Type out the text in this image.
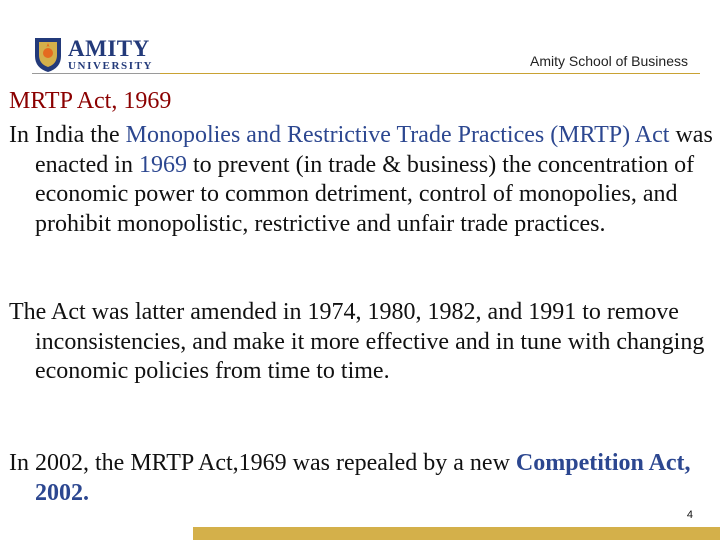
AMITY
UNIVERSITY	Amity School of Business
MRTP Act, 1969

In India the Monopolies and Restrictive Trade Practices (MRTP) Act was enacted in 1969 to prevent (in trade & business) the concentration of economic power to common detriment, control of monopolies, and prohibit monopolistic, restrictive and unfair trade practices.

The Act was latter amended in 1974, 1980, 1982, and 1991 to remove inconsistencies, and make it more effective and in tune with changing economic policies from time to time.

In 2002, the MRTP Act,1969 was repealed by a new Competition Act, 2002.

4
